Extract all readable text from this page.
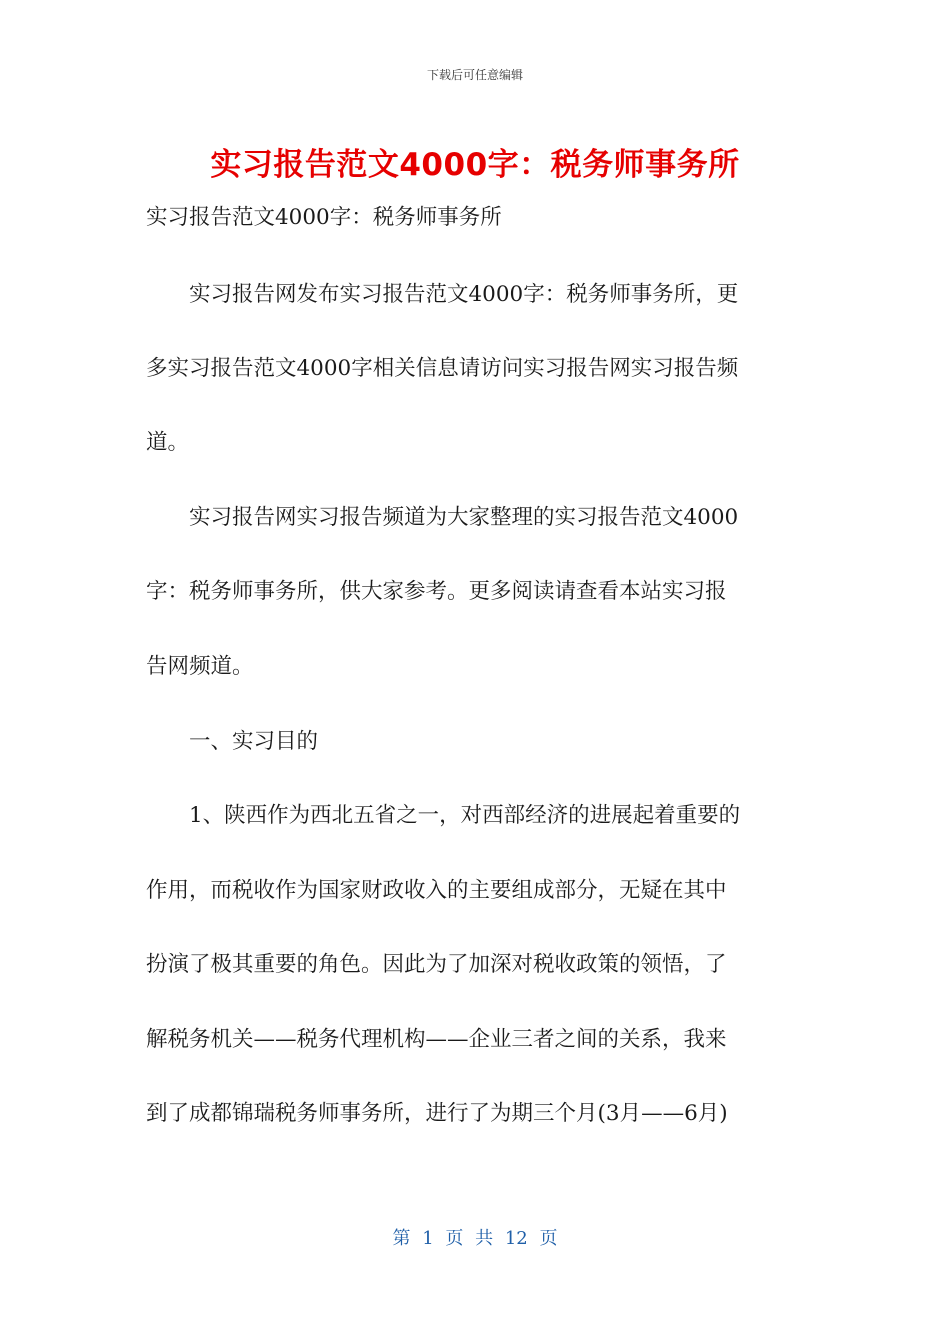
下载后可任意编辑
实习报告范文4000字：税务师事务所
实习报告范文4000字：税务师事务所
　　实习报告网发布实习报告范文4000字：税务师事务所，更
多实习报告范文4000字相关信息请访问实习报告网实习报告频
道。
　　实习报告网实习报告频道为大家整理的实习报告范文4000
字：税务师事务所，供大家参考。更多阅读请查看本站实习报
告网频道。
　　一、实习目的
　　1、陕西作为西北五省之一，对西部经济的进展起着重要的
作用，而税收作为国家财政收入的主要组成部分，无疑在其中
扮演了极其重要的角色。因此为了加深对税收政策的领悟，了
解税务机关——税务代理机构——企业三者之间的关系，我来
到了成都锦瑞税务师事务所，进行了为期三个月(3月——6月)
第 1 页 共 12 页
